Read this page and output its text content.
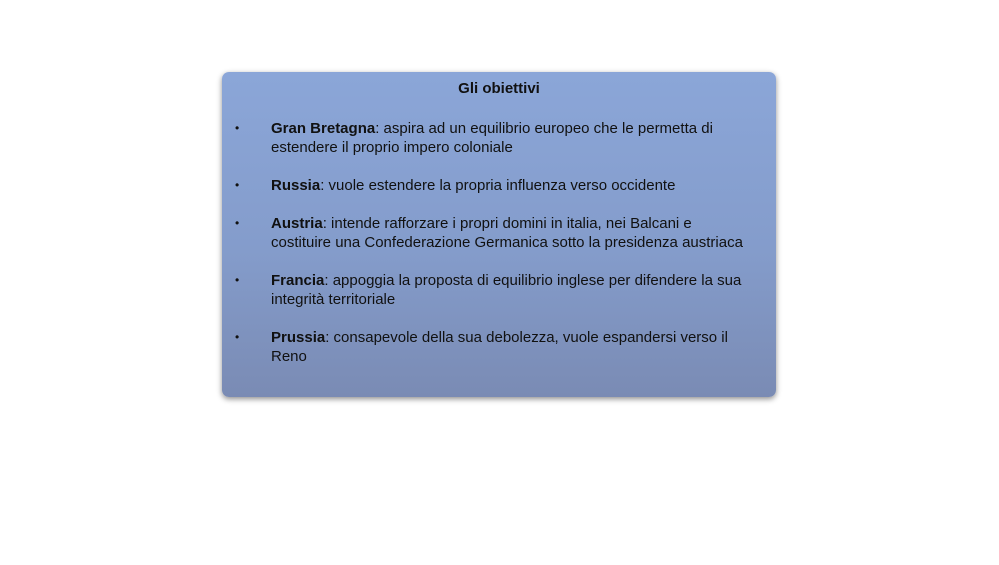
Gli obiettivi
• Gran Bretagna: aspira ad un equilibrio europeo che le permetta di estendere il proprio impero coloniale
• Russia: vuole estendere la propria influenza verso occidente
• Austria: intende rafforzare i propri domini in italia, nei Balcani e costituire una Confederazione Germanica sotto la presidenza austriaca
• Francia: appoggia la proposta di equilibrio inglese per difendere la sua integrità territoriale
• Prussia: consapevole della sua debolezza, vuole espandersi verso il Reno
